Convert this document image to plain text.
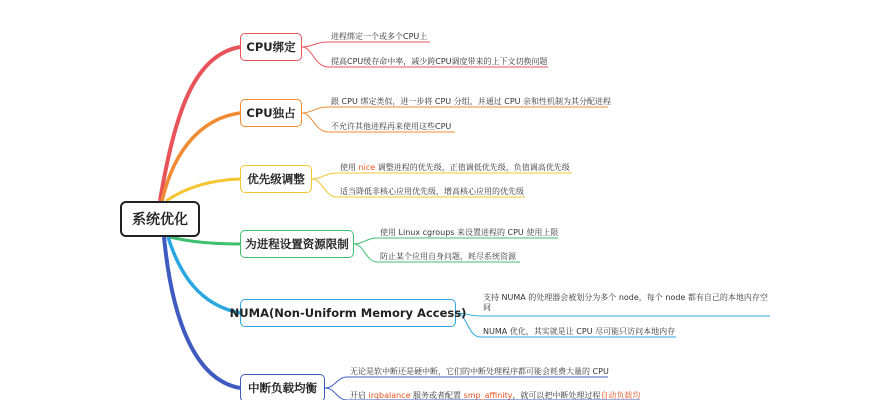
系统优化
CPU绑定
进程绑定一个或多个CPU上
提高CPU缓存命中率，减少跨CPU调度带来的上下文切换问题
CPU独占
跟 CPU 绑定类似，进一步将 CPU 分组，并通过 CPU 亲和性机制为其分配进程
不允许其他进程再来使用这些CPU
优先级调整
使用 nice 调整进程的优先级，正值调低优先级，负值调高优先级
适当降低非核心应用优先级，增高核心应用的优先级
为进程设置资源限制
使用 Linux cgroups 来设置进程的 CPU 使用上限
防止某个应用自身问题，耗尽系统资源
NUMA(Non-Uniform Memory Access)
支持 NUMA 的处理器会被划分为多个 node，每个 node 都有自己的本地内存空间
NUMA 优化，其实就是让 CPU 尽可能只访问本地内存
中断负载均衡
无论是软中断还是硬中断，它们的中断处理程序都可能会耗费大量的 CPU
开启 irqbalance 服务或者配置 smp_affinity，就可以把中断处理过程自动负载均
